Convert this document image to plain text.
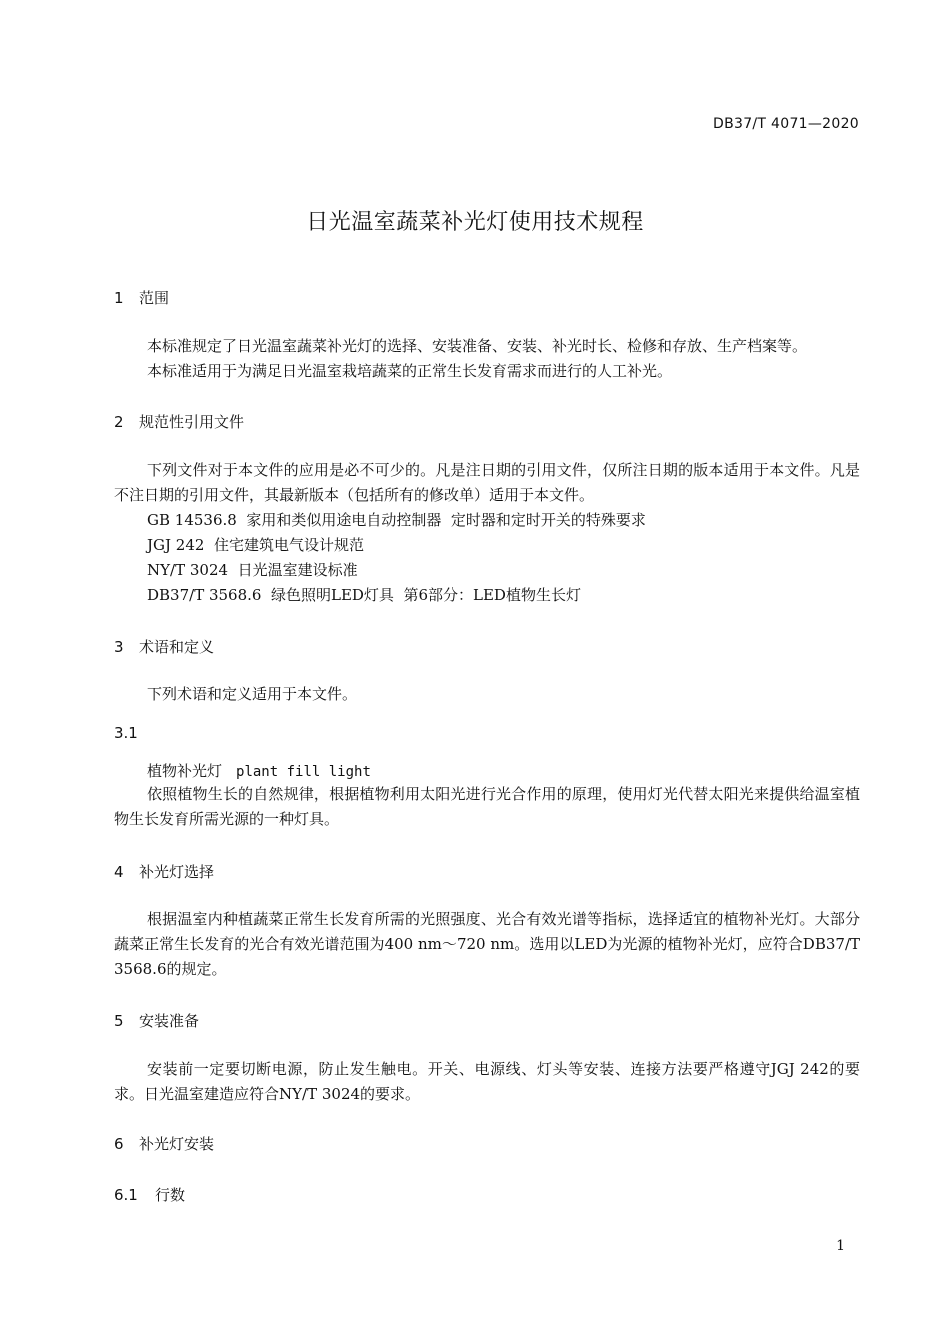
DB37/T 4071—2020
日光温室蔬菜补光灯使用技术规程
1 范围
本标准规定了日光温室蔬菜补光灯的选择、安装准备、安装、补光时长、检修和存放、生产档案等。
本标准适用于为满足日光温室栽培蔬菜的正常生长发育需求而进行的人工补光。
2 规范性引用文件
下列文件对于本文件的应用是必不可少的。凡是注日期的引用文件，仅所注日期的版本适用于本文件。凡是不注日期的引用文件，其最新版本（包括所有的修改单）适用于本文件。
GB 14536.8  家用和类似用途电自动控制器  定时器和定时开关的特殊要求
JGJ 242  住宅建筑电气设计规范
NY/T 3024  日光温室建设标准
DB37/T 3568.6  绿色照明LED灯具  第6部分：LED植物生长灯
3 术语和定义
下列术语和定义适用于本文件。
3.1
植物补光灯 plant fill light
依照植物生长的自然规律，根据植物利用太阳光进行光合作用的原理，使用灯光代替太阳光来提供给温室植物生长发育所需光源的一种灯具。
4 补光灯选择
根据温室内种植蔬菜正常生长发育所需的光照强度、光合有效光谱等指标，选择适宜的植物补光灯。大部分蔬菜正常生长发育的光合有效光谱范围为400 nm～720 nm。选用以LED为光源的植物补光灯，应符合DB37/T 3568.6的规定。
5 安装准备
安装前一定要切断电源，防止发生触电。开关、电源线、灯头等安装、连接方法要严格遵守JGJ 242的要求。日光温室建造应符合NY/T 3024的要求。
6 补光灯安装
6.1 行数
1
